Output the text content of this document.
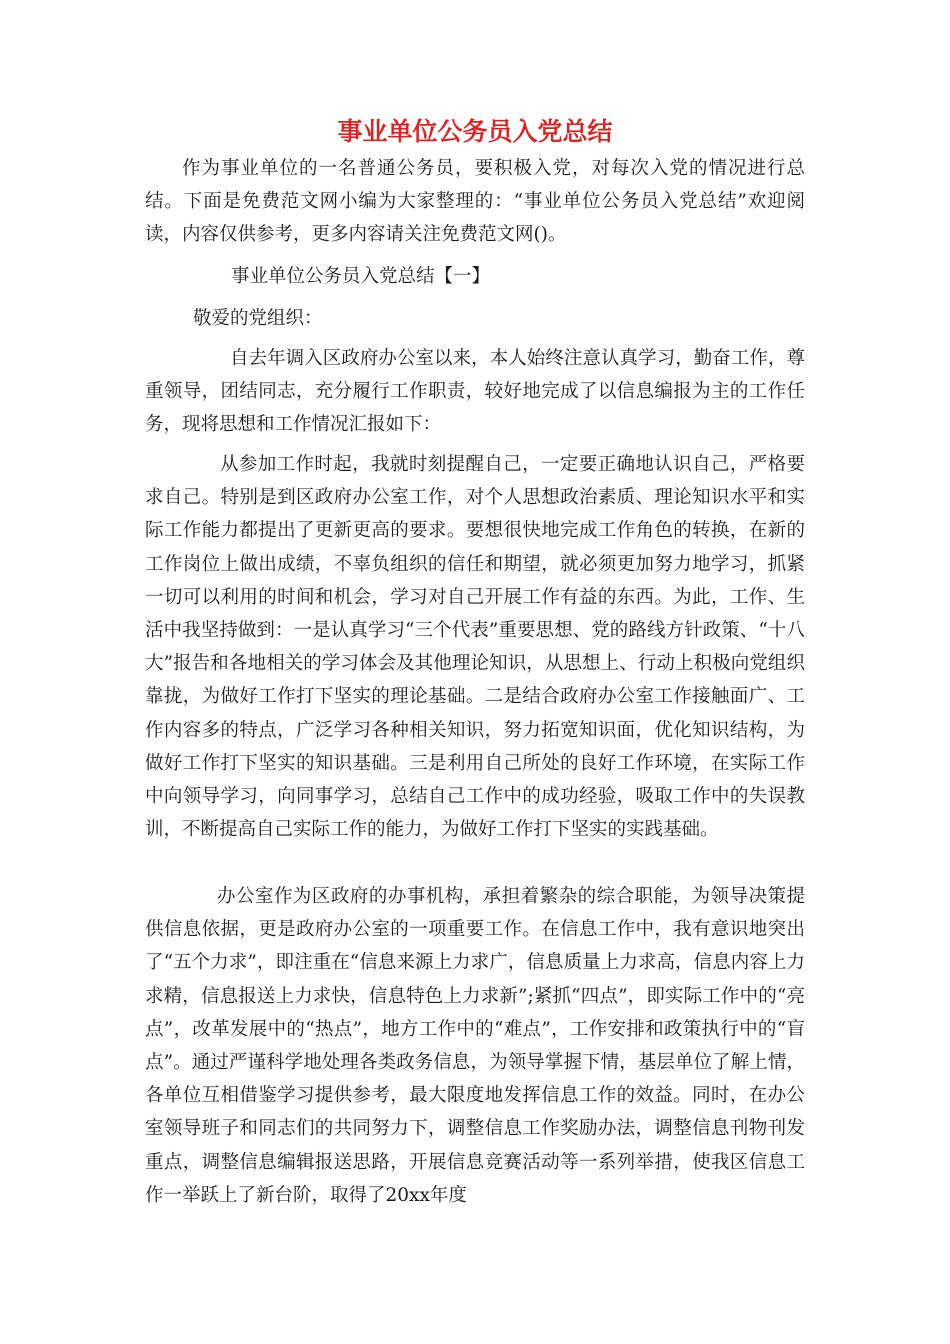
事业单位公务员入党总结
作为事业单位的一名普通公务员，要积极入党，对每次入党的情况进行总结。下面是免费范文网小编为大家整理的：“事业单位公务员入党总结”欢迎阅读，内容仅供参考，更多内容请关注免费范文网()。
事业单位公务员入党总结【一】
敬爱的党组织：
自去年调入区政府办公室以来，本人始终注意认真学习，勤奋工作，尊重领导，团结同志，充分履行工作职责，较好地完成了以信息编报为主的工作任务，现将思想和工作情况汇报如下：
从参加工作时起，我就时刻提醒自己，一定要正确地认识自己，严格要求自己。特别是到区政府办公室工作，对个人思想政治素质、理论知识水平和实际工作能力都提出了更新更高的要求。要想很快地完成工作角色的转换，在新的工作岗位上做出成绩，不辜负组织的信任和期望，就必须更加努力地学习，抓紧一切可以利用的时间和机会，学习对自己开展工作有益的东西。为此，工作、生活中我坚持做到：一是认真学习“三个代表”重要思想、党的路线方针政策、“十八大”报告和各地相关的学习体会及其他理论知识，从思想上、行动上积极向党组织靠拢，为做好工作打下坚实的理论基础。二是结合政府办公室工作接触面广、工作内容多的特点，广泛学习各种相关知识，努力拓宽知识面，优化知识结构，为做好工作打下坚实的知识基础。三是利用自己所处的良好工作环境，在实际工作中向领导学习，向同事学习，总结自己工作中的成功经验，吸取工作中的失误教训，不断提高自己实际工作的能力，为做好工作打下坚实的实践基础。
办公室作为区政府的办事机构，承担着繁杂的综合职能，为领导决策提供信息依据，更是政府办公室的一项重要工作。在信息工作中，我有意识地突出了“五个力求”，即注重在“信息来源上力求广，信息质量上力求高，信息内容上力求精，信息报送上力求快，信息特色上力求新”;紧抓“四点”，即实际工作中的“亮点”，改革发展中的“热点”，地方工作中的“难点”，工作安排和政策执行中的“盲点”。通过严谨科学地处理各类政务信息，为领导掌握下情，基层单位了解上情，各单位互相借鉴学习提供参考，最大限度地发挥信息工作的效益。同时，在办公室领导班子和同志们的共同努力下，调整信息工作奖励办法，调整信息刊物刊发重点，调整信息编辑报送思路，开展信息竞赛活动等一系列举措，使我区信息工作一举跃上了新台阶，取得了20xx年度
